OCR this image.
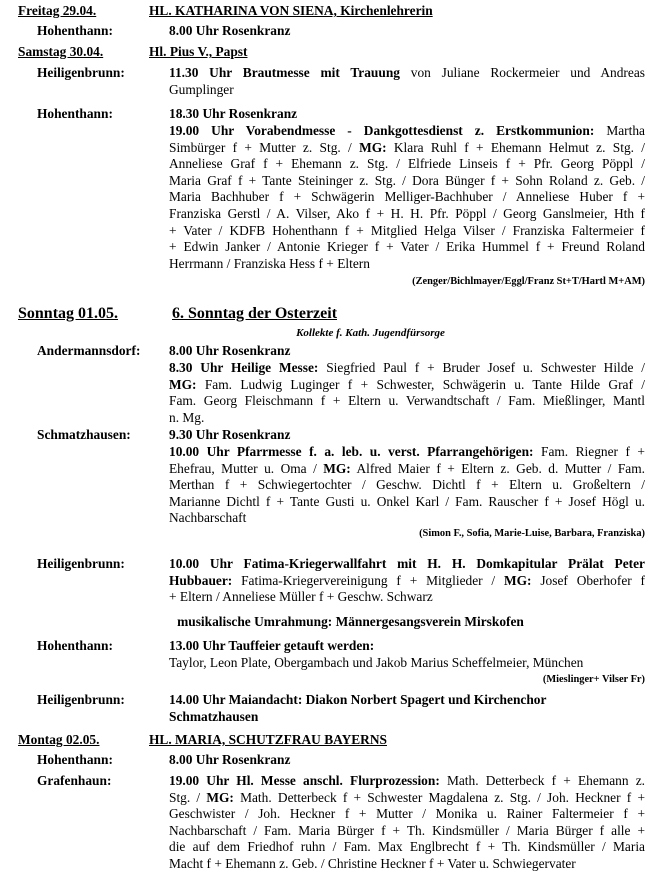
Freitag 29.04.	HL. KATHARINA VON SIENA, Kirchenlehrerin
Hohenthann:	8.00 Uhr Rosenkranz
Samstag 30.04.	Hl. Pius V., Papst
Heiligenbrunn:	11.30 Uhr Brautmesse mit Trauung von Juliane Rockermeier und Andreas Gumplinger
Hohenthann:	18.30 Uhr Rosenkranz
19.00 Uhr Vorabendmesse - Dankgottesdienst z. Erstkommunion: Martha
Simbürger f + Mutter z. Stg. / MG: Klara Ruhl f + Ehemann Helmut z. Stg. /
Anneliese Graf f + Ehemann z. Stg. / Elfriede Linseis f + Pfr. Georg Pöppl /
Maria Graf f + Tante Steininger z. Stg. / Dora Bünger f + Sohn Roland z. Geb. /
Maria Bachhuber f + Schwägerin Melliger-Bachhuber / Anneliese Huber f +
Franziska Gerstl / A. Vilser, Ako f + H. H. Pfr. Pöppl / Georg Ganslmeier, Hth f
+ Vater / KDFB Hohenthann f + Mitglied Helga Vilser / Franziska Faltermeier f
+ Edwin Janker / Antonie Krieger f + Vater / Erika Hummel f + Freund Roland
Herrmann / Franziska Hess f + Eltern
(Zenger/Bichlmayer/Eggl/Franz St+T/Hartl M+AM)
Sonntag 01.05.	6. Sonntag der Osterzeit
Kollekte f. Kath. Jugendfürsorge
Andermannsdorf: 8.00 Uhr Rosenkranz
8.30 Uhr Heilige Messe: Siegfried Paul f + Bruder Josef u. Schwester Hilde /
MG: Fam. Ludwig Luginger f + Schwester, Schwägerin u. Tante Hilde Graf /
Fam. Georg Fleischmann f + Eltern u. Verwandtschaft / Fam. Mießlinger, Mantl
n. Mg.
Schmatzhausen:	9.30 Uhr Rosenkranz
10.00 Uhr Pfarrmesse f. a. leb. u. verst. Pfarrangehörigen: Fam. Riegner f +
Ehefrau, Mutter u. Oma / MG: Alfred Maier f + Eltern z. Geb. d. Mutter / Fam.
Merthan f + Schwiegertochter / Geschw. Dichtl f + Eltern u. Großeltern /
Marianne Dichtl f + Tante Gusti u. Onkel Karl / Fam. Rauscher f + Josef Högl u.
Nachbarschaft
(Simon F., Sofia, Marie-Luise, Barbara, Franziska)
Heiligenbrunn:	10.00 Uhr Fatima-Kriegerwallfahrt mit H. H. Domkapitular Prälat Peter
Hubbauer: Fatima-Kriegervereinigung f + Mitglieder / MG: Josef Oberhofer f
+ Eltern / Anneliese Müller f + Geschw. Schwarz
musikalische Umrahmung: Männergesangsverein Mirskofen
Hohenthann:	13.00 Uhr Tauffeier getauft werden:
Taylor, Leon Plate, Obergambach und Jakob Marius Scheffelmeier, München
(Mieslinger+ Vilser Fr)
Heiligenbrunn:	14.00 Uhr Maiandacht: Diakon Norbert Spagert und Kirchenchor
Schmatzhausen
Montag 02.05.	HL. MARIA, SCHUTZFRAU BAYERNS
Hohenthann:	8.00 Uhr Rosenkranz
Grafenhaun:	19.00 Uhr Hl. Messe anschl. Flurprozession: Math. Detterbeck f + Ehemann z.
Stg. / MG: Math. Detterbeck f + Schwester Magdalena z. Stg. / Joh. Heckner f +
Geschwister / Joh. Heckner f + Mutter / Monika u. Rainer Faltermeier f +
Nachbarschaft / Fam. Maria Bürger f + Th. Kindsmüller / Maria Bürger f alle +
die auf dem Friedhof ruhn / Fam. Max Englbrecht f + Th. Kindsmüller / Maria
Macht f + Ehemann z. Geb. / Christine Heckner f + Vater u. Schwiegervater
